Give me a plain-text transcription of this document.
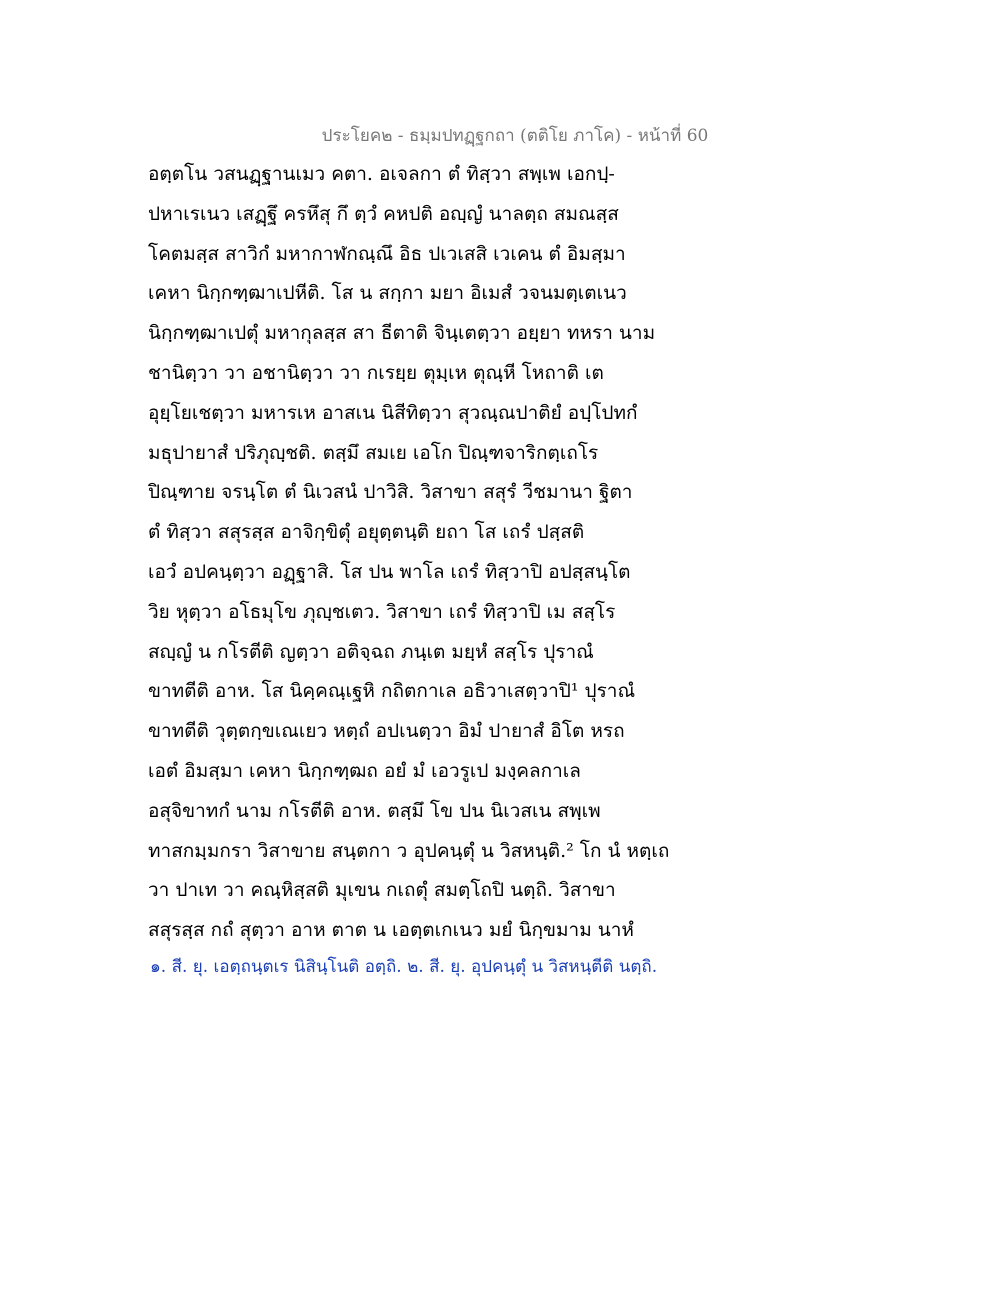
ประโยค๒ - ธมฺมปทฏฺฐกถา (ตติโย ภาโค) - หน้าที่ 60
อตฺตโน วสนฏฺฐานเมว คตา. อเจลกา ตํ ทิสฺวา สพฺเพ เอกปฺ-
ปหาเรเนว เสฏฺฐึ ครหึสุ กึ ตฺวํ คหปติ อญฺญํ นาลตฺถ สมณสฺส
โคตมสฺส สาวิกํ มหากาฬกณฺณึ อิธ ปเวเสสิ เวเคน ตํ อิมสฺมา
เคหา นิกฺกฑฺฒาเปหีติ. โส น สกฺกา มยา อิเมสํ วจนมตฺเตเนว
นิกฺกฑฺฒาเปตุํ มหากุลสฺส สา ธีตาติ จินฺเตตฺวา อยฺยา ทหรา นาม
ชานิตฺวา วา อชานิตฺวา วา กเรยฺย ตุมฺเห ตุณฺหี โหถาติ เต
อุยฺโยเชตฺวา มหารเห อาสเน นิสีทิตฺวา สุวณฺณปาติยํ อปฺโปทกํ
มธุปายาสํ ปริภุญฺชติ. ตสฺมึ สมเย เอโก ปิณฺฑจาริกตฺเถโร
ปิณฺฑาย จรนฺโต ตํ นิเวสนํ ปาวิสิ. วิสาขา สสุรํ วีชมานา ฐิตา
ตํ ทิสฺวา สสุรสฺส อาจิกฺขิตุํ อยุตฺตนฺติ ยถา โส เถรํ ปสฺสติ
เอวํ อปคนฺตฺวา อฏฺฐาสิ. โส ปน พาโล เถรํ ทิสฺวาปิ อปสฺสนฺโต
วิย หุตฺวา อโธมุโข ภุญฺชเตว. วิสาขา เถรํ ทิสฺวาปิ เม สสฺโร
สญฺญํ น กโรตีติ ญตฺวา อติจฺฉถ ภนฺเต มยฺหํ สสฺโร ปุราณํ
ขาทตีติ อาห. โส นิคฺคณฺเฐหิ กถิตกาเล อธิวาเสตฺวาปิ¹ ปุราณํ
ขาทตีติ วุตฺตกฺขเณเยว หตฺถํ อปเนตฺวา อิมํ ปายาสํ อิโต หรถ
เอตํ อิมสฺมา เคหา นิกฺกฑฺฒถ อยํ มํ เอวรูเป มงฺคลกาเล
อสุจิขาทกํ นาม กโรตีติ อาห. ตสฺมึ โข ปน นิเวสเน สพฺเพ
ทาสกมฺมกรา วิสาขาย สนฺตกา ว อุปคนฺตุํ น วิสหนฺติ.² โก นํ หตฺเถ
วา ปาเท วา คณฺหิสฺสติ มุเขน กเถตุํ สมตฺโถปิ นตฺถิ. วิสาขา
สสุรสฺส กถํ สุตฺวา อาห ตาต น เอตฺตเกเนว มยํ นิกฺขมาม นาหํ
๑. สี. ยุ. เอตฺถนฺตเร นิสินฺโนติ อตฺถิ. ๒. สี. ยุ. อุปคนฺตุํ น วิสหนฺตีติ นตฺถิ.
